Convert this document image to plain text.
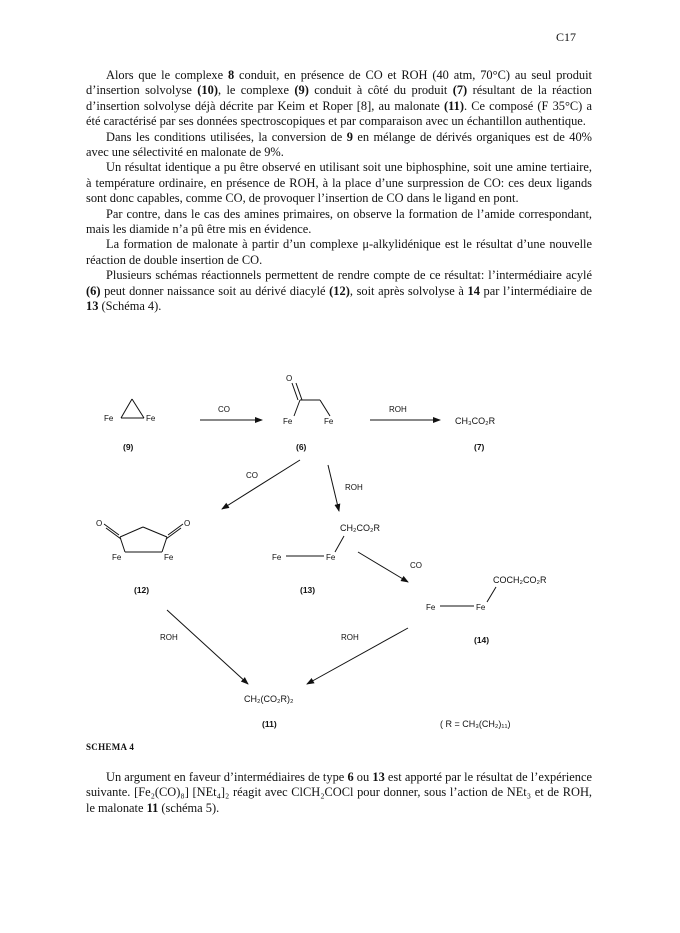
C17

Alors que le complexe 8 conduit, en présence de CO et ROH (40 atm, 70°C) au seul produit d’insertion solvolyse (10), le complexe (9) conduit à côté du produit (7) résultant de la réaction d’insertion solvolyse déjà décrite par Keim et Roper [8], au malonate (11). Ce composé (F 35°C) a été caractérisé par ses données spectroscopiques et par comparaison avec un échantillon authentique.

Dans les conditions utilisées, la conversion de 9 en mélange de dérivés organiques est de 40% avec une sélectivité en malonate de 9%.

Un résultat identique a pu être observé en utilisant soit une biphosphine, soit une amine tertiaire, à température ordinaire, en présence de ROH, à la place d’une surpression de CO: ces deux ligands sont donc capables, comme CO, de provoquer l’insertion de CO dans le ligand en pont.

Par contre, dans le cas des amines primaires, on observe la formation de l’amide correspondant, mais les diamide n’a pû être mis en évidence.

La formation de malonate à partir d’un complexe μ-alkylidénique est le résultat d’une nouvelle réaction de double insertion de CO.

Plusieurs schémas réactionnels permettent de rendre compte de ce résultat: l’intermédiaire acylé (6) peut donner naissance soit au dérivé diacylé (12), soit après solvolyse à 14 par l’intermédiaire de 13 (Schéma 4).

Fe	Fe
(9)
CO
O
Fe	Fe
(6)
ROH
CH₃CO₂R
(7)
CO
ROH
O	O
Fe	Fe
(12)
CH₂CO₂R
Fe	Fe
(13)
CO
COCH₂CO₂R
Fe	Fe
(14)
ROH	ROH
CH₂(CO₂R)₂
(11)	( R = CH₃(CH₂)₁₁)
SCHEMA 4

Un argument en faveur d’intermédiaires de type 6 ou 13 est apporté par le résultat de l’expérience suivante. [Fe₂(CO)₈] [NEt₄]₂ réagit avec ClCH₂COCl pour donner, sous l’action de NEt₃ et de ROH, le malonate 11 (schéma 5).
